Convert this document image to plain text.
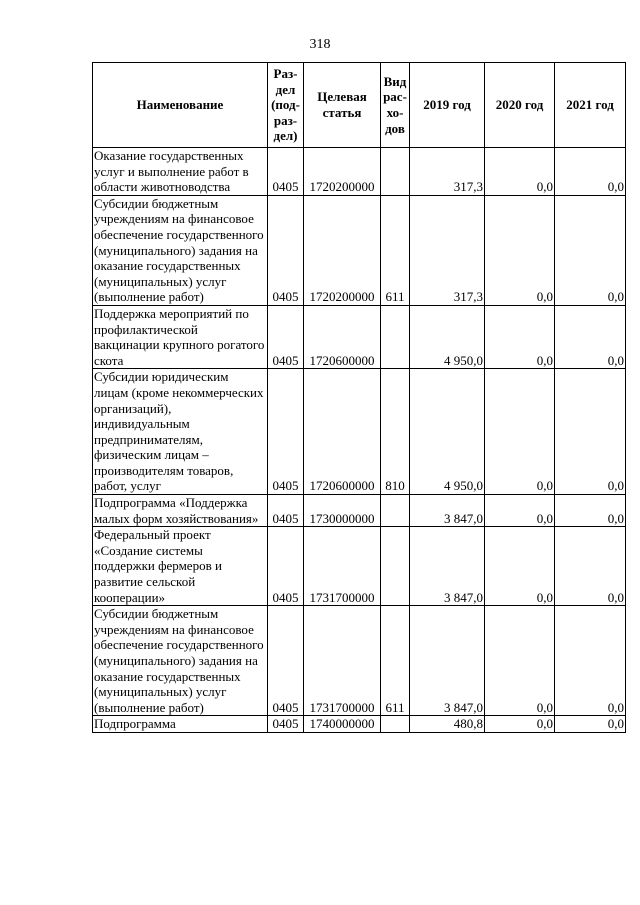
318
Наименование	Раз-
дел
(под-
раз-
дел)	Целевая
статья	Вид
рас-
хо-
дов	2019 год	2020 год	2021 год
Оказание государственных услуг и выполнение работ в области животноводства	0405	1720200000		317,3	0,0	0,0
Субсидии бюджетным учреждениям на финансовое обеспечение государственного (муниципального) задания на оказание государственных (муниципальных) услуг (выполнение работ)	0405	1720200000	611	317,3	0,0	0,0
Поддержка мероприятий по профилактической вакцинации крупного рогатого скота	0405	1720600000		4 950,0	0,0	0,0
Субсидии юридическим лицам (кроме некоммерческих организаций), индивидуальным предпринимателям, физическим лицам – производителям товаров, работ, услуг	0405	1720600000	810	4 950,0	0,0	0,0
Подпрограмма «Поддержка малых форм хозяйствования»	0405	1730000000		3 847,0	0,0	0,0
Федеральный проект «Создание системы поддержки фермеров и развитие сельской кооперации»	0405	1731700000		3 847,0	0,0	0,0
Субсидии бюджетным учреждениям на финансовое обеспечение государственного (муниципального) задания на оказание государственных (муниципальных) услуг (выполнение работ)	0405	1731700000	611	3 847,0	0,0	0,0
Подпрограмма	0405	1740000000		480,8	0,0	0,0
